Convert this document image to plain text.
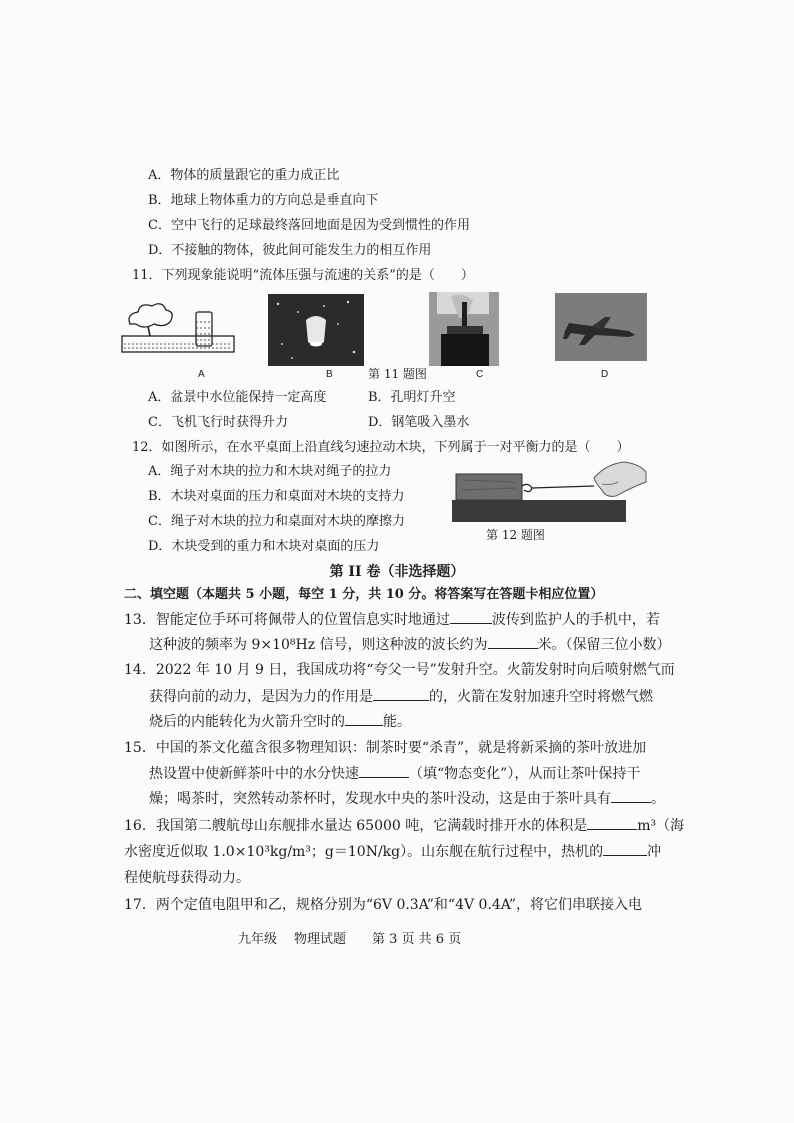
A．物体的质量跟它的重力成正比
B．地球上物体重力的方向总是垂直向下
C．空中飞行的足球最终落回地面是因为受到惯性的作用
D．不接触的物体，彼此间可能发生力的相互作用
11．下列现象能说明“流体压强与流速的关系”的是（　　）
A	B	第 11 题图	C	D
A．盆景中水位能保持一定高度	B．孔明灯升空
C．飞机飞行时获得升力	D．钢笔吸入墨水
12．如图所示，在水平桌面上沿直线匀速拉动木块，下列属于一对平衡力的是（　　）
A．绳子对木块的拉力和木块对绳子的拉力
B．木块对桌面的压力和桌面对木块的支持力
C．绳子对木块的拉力和桌面对木块的摩擦力
D．木块受到的重力和木块对桌面的压力
第 12 题图
第 II 卷（非选择题）
二、填空题（本题共 5 小题，每空 1 分，共 10 分。将答案写在答题卡相应位置）
13．智能定位手环可将佩带人的位置信息实时地通过	波传到监护人的手机中，若
这种波的频率为 9×10⁸Hz 信号，则这种波的波长约为	米。（保留三位小数）
14．2022 年 10 月 9 日，我国成功将“夸父一号”发射升空。火箭发射时向后喷射燃气而
获得向前的动力，是因为力的作用是	的，火箭在发射加速升空时将燃气燃
烧后的内能转化为火箭升空时的	能。
15．中国的茶文化蕴含很多物理知识：制茶时要“杀青”，就是将新采摘的茶叶放进加
热设置中使新鲜茶叶中的水分快速	（填“物态变化”），从而让茶叶保持干
燥；喝茶时，突然转动茶杯时，发现水中央的茶叶没动，这是由于茶叶具有	。
16．我国第二艘航母山东舰排水量达 65000 吨，它满载时排开水的体积是	m³（海
水密度近似取 1.0×10³kg/m³；g＝10N/kg）。山东舰在航行过程中，热机的	冲
程使航母获得动力。
17．两个定值电阻甲和乙，规格分别为“6V 0.3A”和“4V 0.4A”，将它们串联接入电
九年级 物理试题 第 3 页 共 6 页
